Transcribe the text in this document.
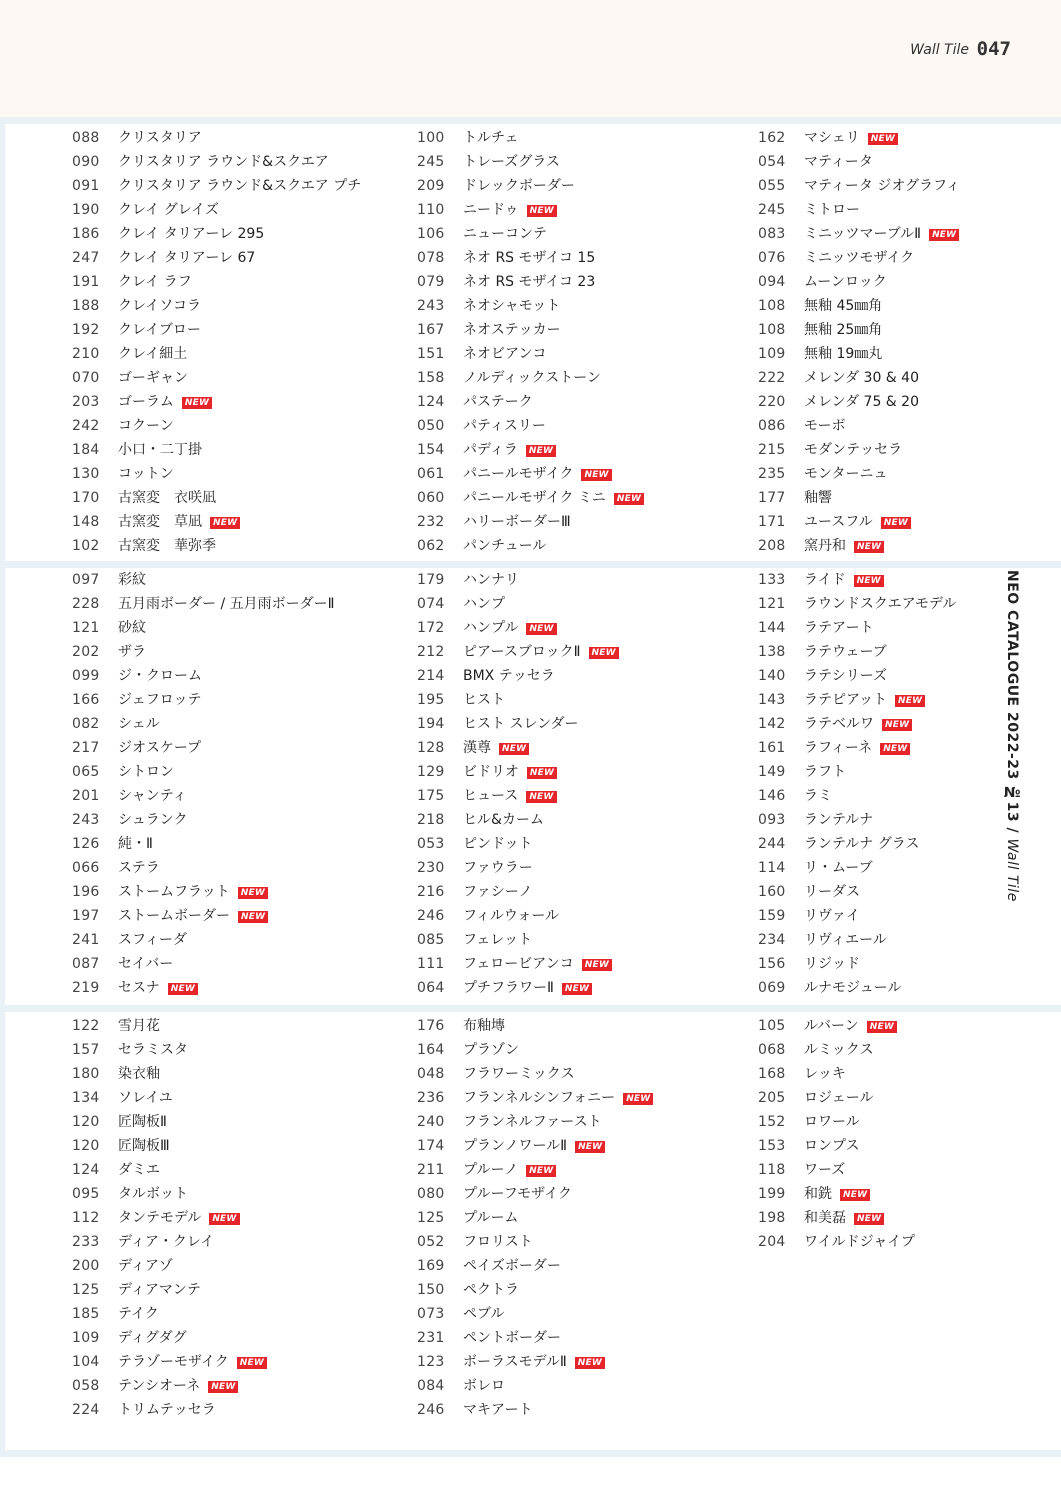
Wall Tile 047
NEO CATALOGUE 2022-23 №13 / Wall Tile
088	クリスタリア
090	クリスタリア ラウンド&スクエア
091	クリスタリア ラウンド&スクエア プチ
190	クレイ グレイズ
186	クレイ タリアーレ 295
247	クレイ タリアーレ 67
191	クレイ ラフ
188	クレイソコラ
192	クレイブロー
210	クレイ細土
070	ゴーギャン
203	ゴーラム NEW
242	コクーン
184	小口・二丁掛
130	コットン
170	古窯変　衣咲凪
148	古窯変　草凪 NEW
102	古窯変　華弥季
100	トルチェ
245	トレーズグラス
209	ドレックボーダー
110	ニードゥ NEW
106	ニューコンテ
078	ネオ RS モザイコ 15
079	ネオ RS モザイコ 23
243	ネオシャモット
167	ネオステッカー
151	ネオビアンコ
158	ノルディックストーン
124	パステーク
050	パティスリー
154	パディラ NEW
061	パニールモザイク NEW
060	パニールモザイク ミニ NEW
232	ハリーボーダーⅢ
062	パンチュール
162	マシェリ NEW
054	マティータ
055	マティータ ジオグラフィ
245	ミトロー
083	ミニッツマーブルⅡ NEW
076	ミニッツモザイク
094	ムーンロック
108	無釉 45㎜角
108	無釉 25㎜角
109	無釉 19㎜丸
222	メレンダ 30 & 40
220	メレンダ 75 & 20
086	モーボ
215	モダンテッセラ
235	モンターニュ
177	釉響
171	ユースフル NEW
208	窯丹和 NEW
097	彩紋
228	五月雨ボーダー / 五月雨ボーダーⅡ
121	砂紋
202	ザラ
099	ジ・クローム
166	ジェフロッテ
082	シェル
217	ジオスケープ
065	シトロン
201	シャンティ
243	シュランク
126	純・Ⅱ
066	ステラ
196	ストームフラット NEW
197	ストームボーダー NEW
241	スフィーダ
087	セイバー
219	セスナ NEW
179	ハンナリ
074	ハンプ
172	ハンプル NEW
212	ピアースブロックⅡ NEW
214	BMX テッセラ
195	ヒスト
194	ヒスト スレンダー
128	漢尊 NEW
129	ビドリオ NEW
175	ヒュース NEW
218	ヒル&カーム
053	ピンドット
230	ファウラー
216	ファシーノ
246	フィルウォール
085	フェレット
111	フェロービアンコ NEW
064	プチフラワーⅡ NEW
133	ライド NEW
121	ラウンドスクエアモデル
144	ラテアート
138	ラテウェーブ
140	ラテシリーズ
143	ラテピアット NEW
142	ラテベルワ NEW
161	ラフィーネ NEW
149	ラフト
146	ラミ
093	ランテルナ
244	ランテルナ グラス
114	リ・ムーブ
160	リーダス
159	リヴァイ
234	リヴィエール
156	リジッド
069	ルナモジュール
122	雪月花
157	セラミスタ
180	染衣釉
134	ソレイユ
120	匠陶板Ⅱ
120	匠陶板Ⅲ
124	ダミエ
095	タルボット
112	タンテモデル NEW
233	ディア・クレイ
200	ディアゾ
125	ディアマンテ
185	テイク
109	ディグダグ
104	テラゾーモザイク NEW
058	テンシオーネ NEW
224	トリムテッセラ
176	布釉塼
164	プラゾン
048	フラワーミックス
236	フランネルシンフォニー NEW
240	フランネルファースト
174	プランノワールⅡ NEW
211	プルーノ NEW
080	プルーフモザイク
125	プルーム
052	フロリスト
169	ペイズボーダー
150	ペクトラ
073	ペブル
231	ペントボーダー
123	ボーラスモデルⅡ NEW
084	ボレロ
246	マキアート
105	ルバーン NEW
068	ルミックス
168	レッキ
205	ロジェール
152	ロワール
153	ロンプス
118	ワーズ
199	和銑 NEW
198	和美磊 NEW
204	ワイルドジャイプ
